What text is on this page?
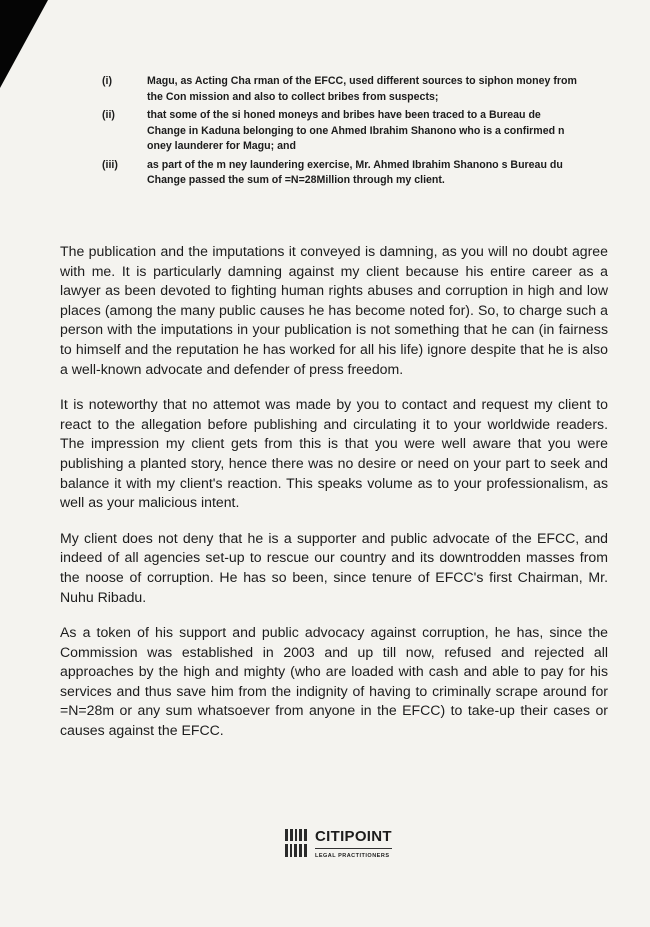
(i)	Magu, as Acting Cha rman of the EFCC, used different sources to siphon money from the Con mission and also to collect bribes from suspects;
(ii)	that some of the si honed moneys and bribes have been traced to a Bureau de Change in Kaduna belonging to one Ahmed Ibrahim Shanono who is a confirmed n oney launderer for Magu; and
(iii)	as part of the m ney laundering exercise, Mr. Ahmed Ibrahim Shanono s Bureau du Change passed the sum of =N=28Million through my client.

The publication and the imputations it conveyed is damning, as you will no doubt agree with me. It is particularly damning against my client because his entire career as a lawyer as been devoted to fighting human rights abuses and corruption in high and low places (among the many public causes he has become noted for). So, to charge such a person with the imputations in your publication is not something that he can (in fairness to himself and the reputation he has worked for all his life) ignore despite that he is also a well-known advocate and defender of press freedom.

It is noteworthy that no attemot was made by you to contact and request my client to react to the allegation before publishing and circulating it to your worldwide readers. The impression my client gets from this is that you were well aware that you were publishing a planted story, hence there was no desire or need on your part to seek and balance it with my client's reaction. This speaks volume as to your professionalism, as well as your malicious intent.

My client does not deny that he is a supporter and public advocate of the EFCC, and indeed of all agencies set-up to rescue our country and its downtrodden masses from the noose of corruption. He has so been, since tenure of EFCC's first Chairman, Mr. Nuhu Ribadu.

As a token of his support and public advocacy against corruption, he has, since the Commission was established in 2003 and up till now, refused and rejected all approaches by the high and mighty (who are loaded with cash and able to pay for his services and thus save him from the indignity of having to criminally scrape around for =N=28m or any sum whatsoever from anyone in the EFCC) to take-up their cases or causes against the EFCC.

CITIPOINT
LEGAL PRACTITIONERS
